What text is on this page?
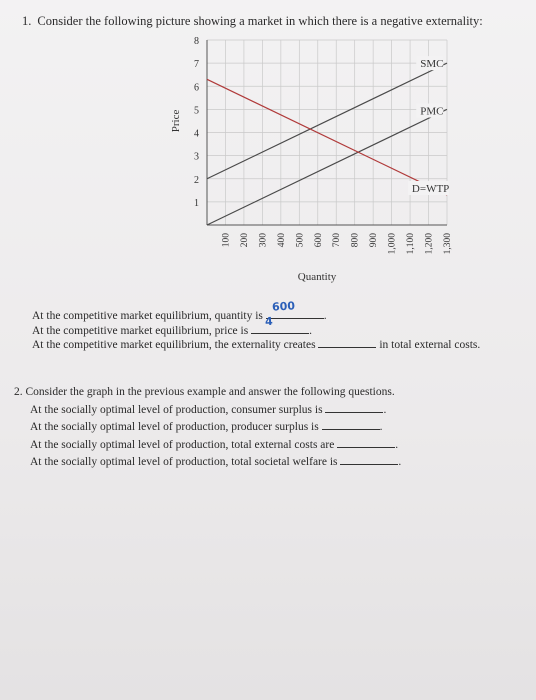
1. Consider the following picture showing a market in which there is a negative externality:
1
2
3
4
5
6
7
8
100 200 300 400 500 600 700 800 900 1,000 1,100 1,200 1,300
Quantity
Price
SMC
PMC
D=WTP
At the competitive market equilibrium, quantity is
600
.
At the competitive market equilibrium, price is
4
.
At the competitive market equilibrium, the externality creates	in total external costs.
2. Consider the graph in the previous example and answer the following questions.
At the socially optimal level of production, consumer surplus is	.
At the socially optimal level of production, producer surplus is	.
At the socially optimal level of production, total external costs are	.
At the socially optimal level of production, total societal welfare is	.
